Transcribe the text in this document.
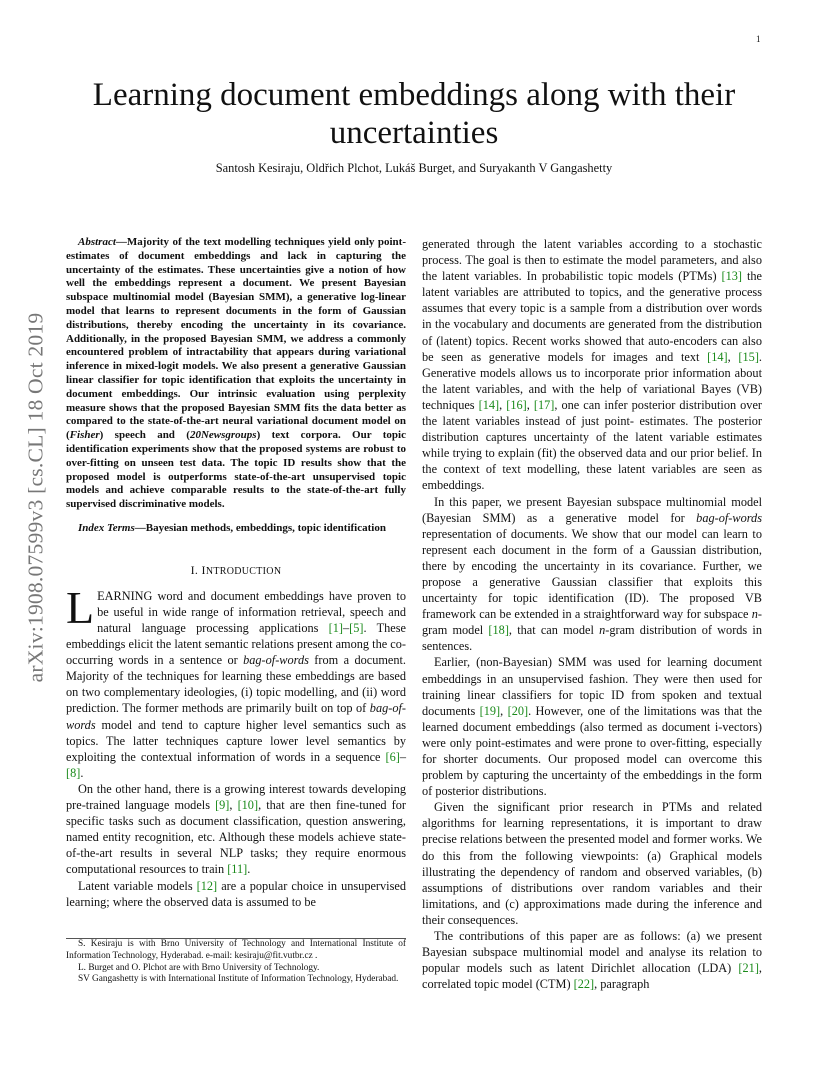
1
arXiv:1908.07599v3 [cs.CL] 18 Oct 2019
Learning document embeddings along with their uncertainties
Santosh Kesiraju, Oldřich Plchot, Lukáš Burget, and Suryakanth V Gangashetty

Abstract—Majority of the text modelling techniques yield only point-estimates of document embeddings and lack in capturing the uncertainty of the estimates. These uncertainties give a notion of how well the embeddings represent a document. We present Bayesian subspace multinomial model (Bayesian SMM), a generative log-linear model that learns to represent documents in the form of Gaussian distributions, thereby encoding the uncertainty in its covariance. Additionally, in the proposed Bayesian SMM, we address a commonly encountered problem of intractability that appears during variational inference in mixed-logit models. We also present a generative Gaussian linear classifier for topic identification that exploits the uncertainty in document embeddings. Our intrinsic evaluation using perplexity measure shows that the proposed Bayesian SMM fits the data better as compared to the state-of-the-art neural variational document model on (Fisher) speech and (20Newsgroups) text corpora. Our topic identification experiments show that the proposed systems are robust to over-fitting on unseen test data. The topic ID results show that the proposed model is outperforms state-of-the-art unsupervised topic models and achieve comparable results to the state-of-the-art fully supervised discriminative models.

Index Terms—Bayesian methods, embeddings, topic identification

I. INTRODUCTION

LEARNING word and document embeddings have proven to be useful in wide range of information retrieval, speech and natural language processing applications [1]–[5]. These embeddings elicit the latent semantic relations present among the co-occurring words in a sentence or bag-of-words from a document. Majority of the techniques for learning these embeddings are based on two complementary ideologies, (i) topic modelling, and (ii) word prediction. The former methods are primarily built on top of bag-of-words model and tend to capture higher level semantics such as topics. The latter techniques capture lower level semantics by exploiting the contextual information of words in a sequence [6]–[8].

On the other hand, there is a growing interest towards developing pre-trained language models [9], [10], that are then fine-tuned for specific tasks such as document classification, question answering, named entity recognition, etc. Although these models achieve state-of-the-art results in several NLP tasks; they require enormous computational resources to train [11].

Latent variable models [12] are a popular choice in unsupervised learning; where the observed data is assumed to be

S. Kesiraju is with Brno University of Technology and International Institute of Information Technology, Hyderabad. e-mail: kesiraju@fit.vutbr.cz .

L. Burget and O. Plchot are with Brno University of Technology.

SV Gangashetty is with International Institute of Information Technology, Hyderabad.

generated through the latent variables according to a stochastic process. The goal is then to estimate the model parameters, and also the latent variables. In probabilistic topic models (PTMs) [13] the latent variables are attributed to topics, and the generative process assumes that every topic is a sample from a distribution over words in the vocabulary and documents are generated from the distribution of (latent) topics. Recent works showed that auto-encoders can also be seen as generative models for images and text [14], [15]. Generative models allows us to incorporate prior information about the latent variables, and with the help of variational Bayes (VB) techniques [14], [16], [17], one can infer posterior distribution over the latent variables instead of just point- estimates. The posterior distribution captures uncertainty of the latent variable estimates while trying to explain (fit) the observed data and our prior belief. In the context of text modelling, these latent variables are seen as embeddings.

In this paper, we present Bayesian subspace multinomial model (Bayesian SMM) as a generative model for bag-of-words representation of documents. We show that our model can learn to represent each document in the form of a Gaussian distribution, there by encoding the uncertainty in its covariance. Further, we propose a generative Gaussian classifier that exploits this uncertainty for topic identification (ID). The proposed VB framework can be extended in a straightforward way for subspace n-gram model [18], that can model n-gram distribution of words in sentences.

Earlier, (non-Bayesian) SMM was used for learning document embeddings in an unsupervised fashion. They were then used for training linear classifiers for topic ID from spoken and textual documents [19], [20]. However, one of the limitations was that the learned document embeddings (also termed as document i-vectors) were only point-estimates and were prone to over-fitting, especially for shorter documents. Our proposed model can overcome this problem by capturing the uncertainty of the embeddings in the form of posterior distributions.

Given the significant prior research in PTMs and related algorithms for learning representations, it is important to draw precise relations between the presented model and former works. We do this from the following viewpoints: (a) Graphical models illustrating the dependency of random and observed variables, (b) assumptions of distributions over random variables and their limitations, and (c) approximations made during the inference and their consequences.

The contributions of this paper are as follows: (a) we present Bayesian subspace multinomial model and analyse its relation to popular models such as latent Dirichlet allocation (LDA) [21], correlated topic model (CTM) [22], paragraph
